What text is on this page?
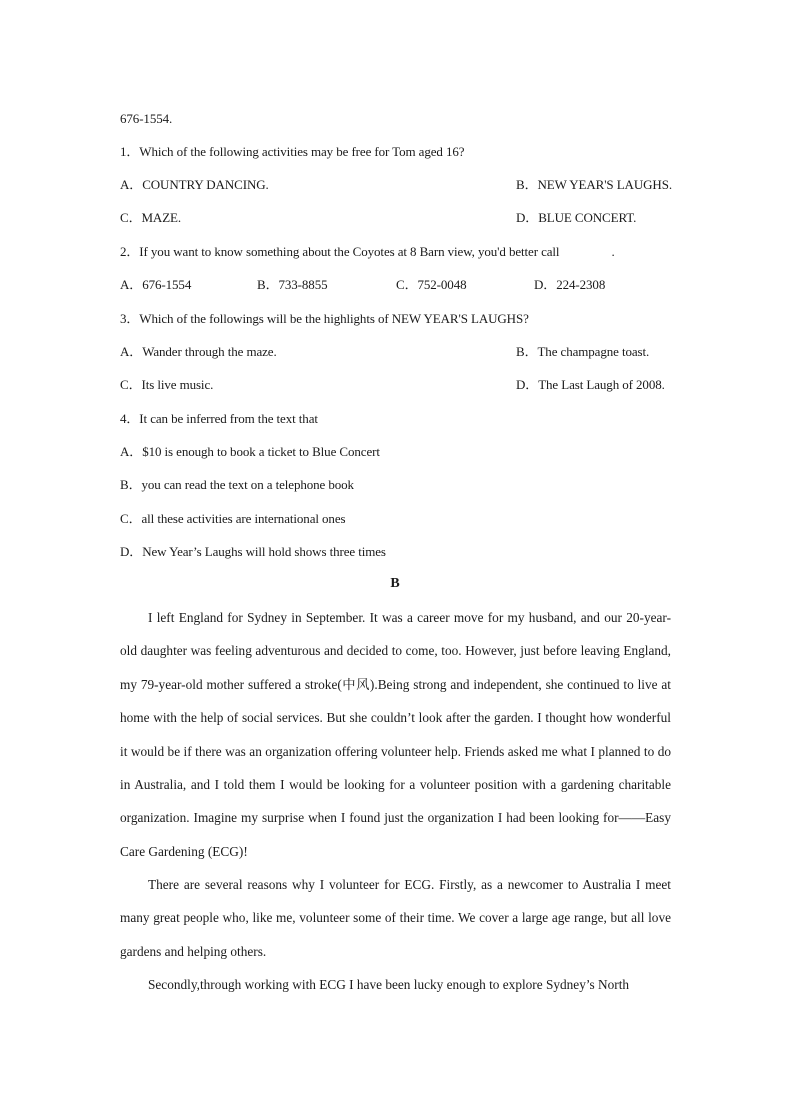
676-1554.
1．Which of the following activities may be free for Tom aged 16?
A．COUNTRY DANCING.	B．NEW YEAR'S LAUGHS.
C．MAZE.	D．BLUE CONCERT.
2．If you want to know something about the Coyotes at 8 Barn view, you'd better call	.
A．676-1554	B．733-8855	C．752-0048	D．224-2308
3．Which of the followings will be the highlights of NEW YEAR'S LAUGHS?
A．Wander through the maze.	B．The champagne toast.
C．Its live music.	D．The Last Laugh of 2008.
4．It can be inferred from the text that
A．$10 is enough to book a ticket to Blue Concert
B．you can read the text on a telephone book
C．all these activities are international ones
D．New Year’s Laughs will hold shows three times
B

I left England for Sydney in September. It was a career move for my husband, and our 20-year-old daughter was feeling adventurous and decided to come, too. However, just before leaving England, my 79-year-old mother suffered a stroke(中风).Being strong and independent, she continued to live at home with the help of social services. But she couldn’t look after the garden. I thought how wonderful it would be if there was an organization offering volunteer help. Friends asked me what I planned to do in Australia, and I told them I would be looking for a volunteer position with a gardening charitable organization. Imagine my surprise when I found just the organization I had been looking for——Easy Care Gardening (ECG)!

There are several reasons why I volunteer for ECG. Firstly, as a newcomer to Australia I meet many great people who, like me, volunteer some of their time. We cover a large age range, but all love gardens and helping others.

Secondly,through working with ECG I have been lucky enough to explore Sydney’s North
